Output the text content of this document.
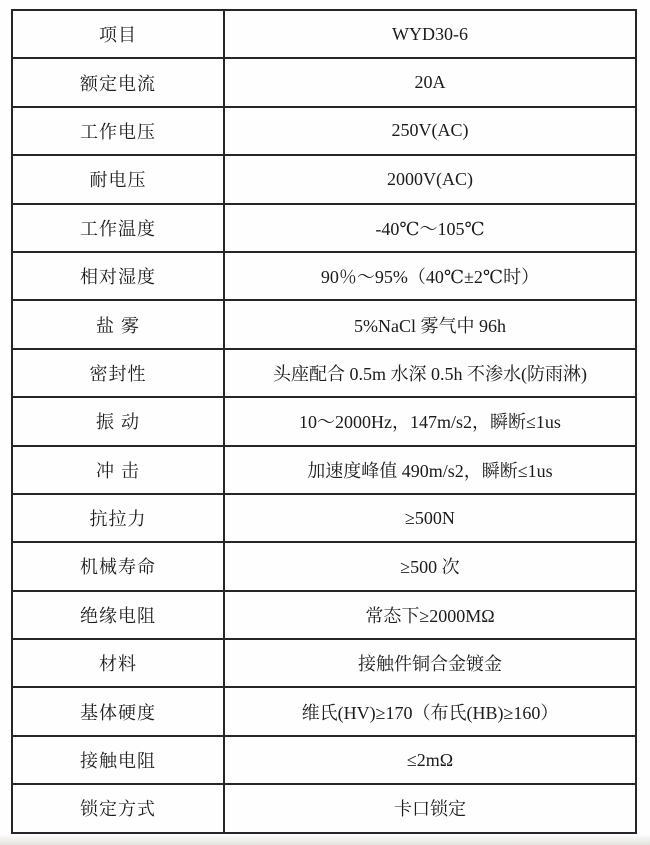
项目	WYD30-6
额定电流	20A
工作电压	250V(AC)
耐电压	2000V(AC)
工作温度	-40℃～105℃
相对湿度	90％～95%（40℃±2℃时）
盐 雾	5%NaCl 雾气中 96h
密封性	头座配合 0.5m 水深 0.5h 不渗水(防雨淋)
振 动	10～2000Hz，147m/s2，瞬断≤1us
冲 击	加速度峰值 490m/s2，瞬断≤1us
抗拉力	≥500N
机械寿命	≥500 次
绝缘电阻	常态下≥2000MΩ
材料	接触件铜合金镀金
基体硬度	维氏(HV)≥170（布氏(HB)≥160）
接触电阻	≤2mΩ
锁定方式	卡口锁定
